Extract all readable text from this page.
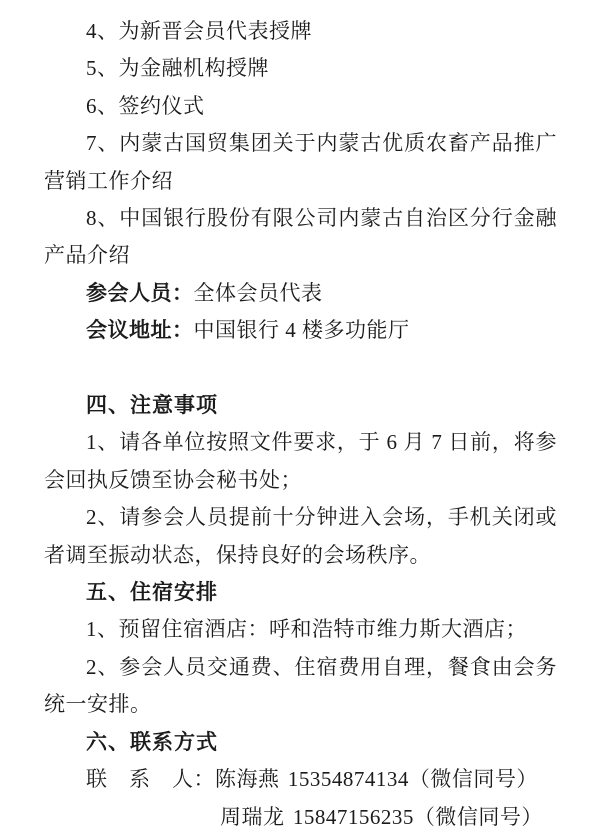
4、为新晋会员代表授牌

5、为金融机构授牌

6、签约仪式

7、内蒙古国贸集团关于内蒙古优质农畜产品推广营销工作介绍

8、中国银行股份有限公司内蒙古自治区分行金融产品介绍

参会人员：全体会员代表

会议地址：中国银行 4 楼多功能厅

四、注意事项

1、请各单位按照文件要求，于 6 月 7 日前，将参会回执反馈至协会秘书处；

2、请参会人员提前十分钟进入会场，手机关闭或者调至振动状态，保持良好的会场秩序。

五、住宿安排

1、预留住宿酒店：呼和浩特市维力斯大酒店；

2、参会人员交通费、住宿费用自理，餐食由会务统一安排。

六、联系方式

联　系　人：陈海燕 15354874134（微信同号）

周瑞龙 15847156235（微信同号）
